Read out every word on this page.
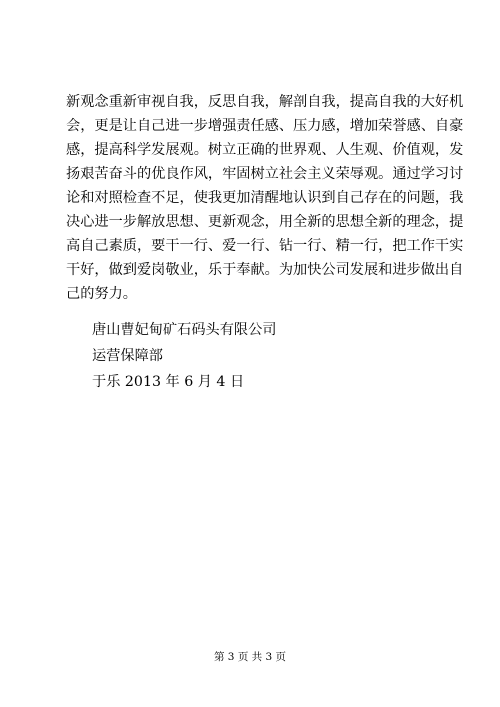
新观念重新审视自我，反思自我，解剖自我，提高自我的大好机
会，更是让自己进一步增强责任感、压力感，增加荣誉感、自豪
感，提高科学发展观。树立正确的世界观、人生观、价值观，发
扬艰苦奋斗的优良作风，牢固树立社会主义荣辱观。通过学习讨
论和对照检查不足，使我更加清醒地认识到自己存在的问题，我
决心进一步解放思想、更新观念，用全新的思想全新的理念，提
高自己素质，要干一行、爱一行、钻一行、精一行，把工作干实
干好，做到爱岗敬业，乐于奉献。为加快公司发展和进步做出自
己的努力。
唐山曹妃甸矿石码头有限公司
运营保障部
于乐 2013 年 6 月 4 日
第 3 页 共 3 页
